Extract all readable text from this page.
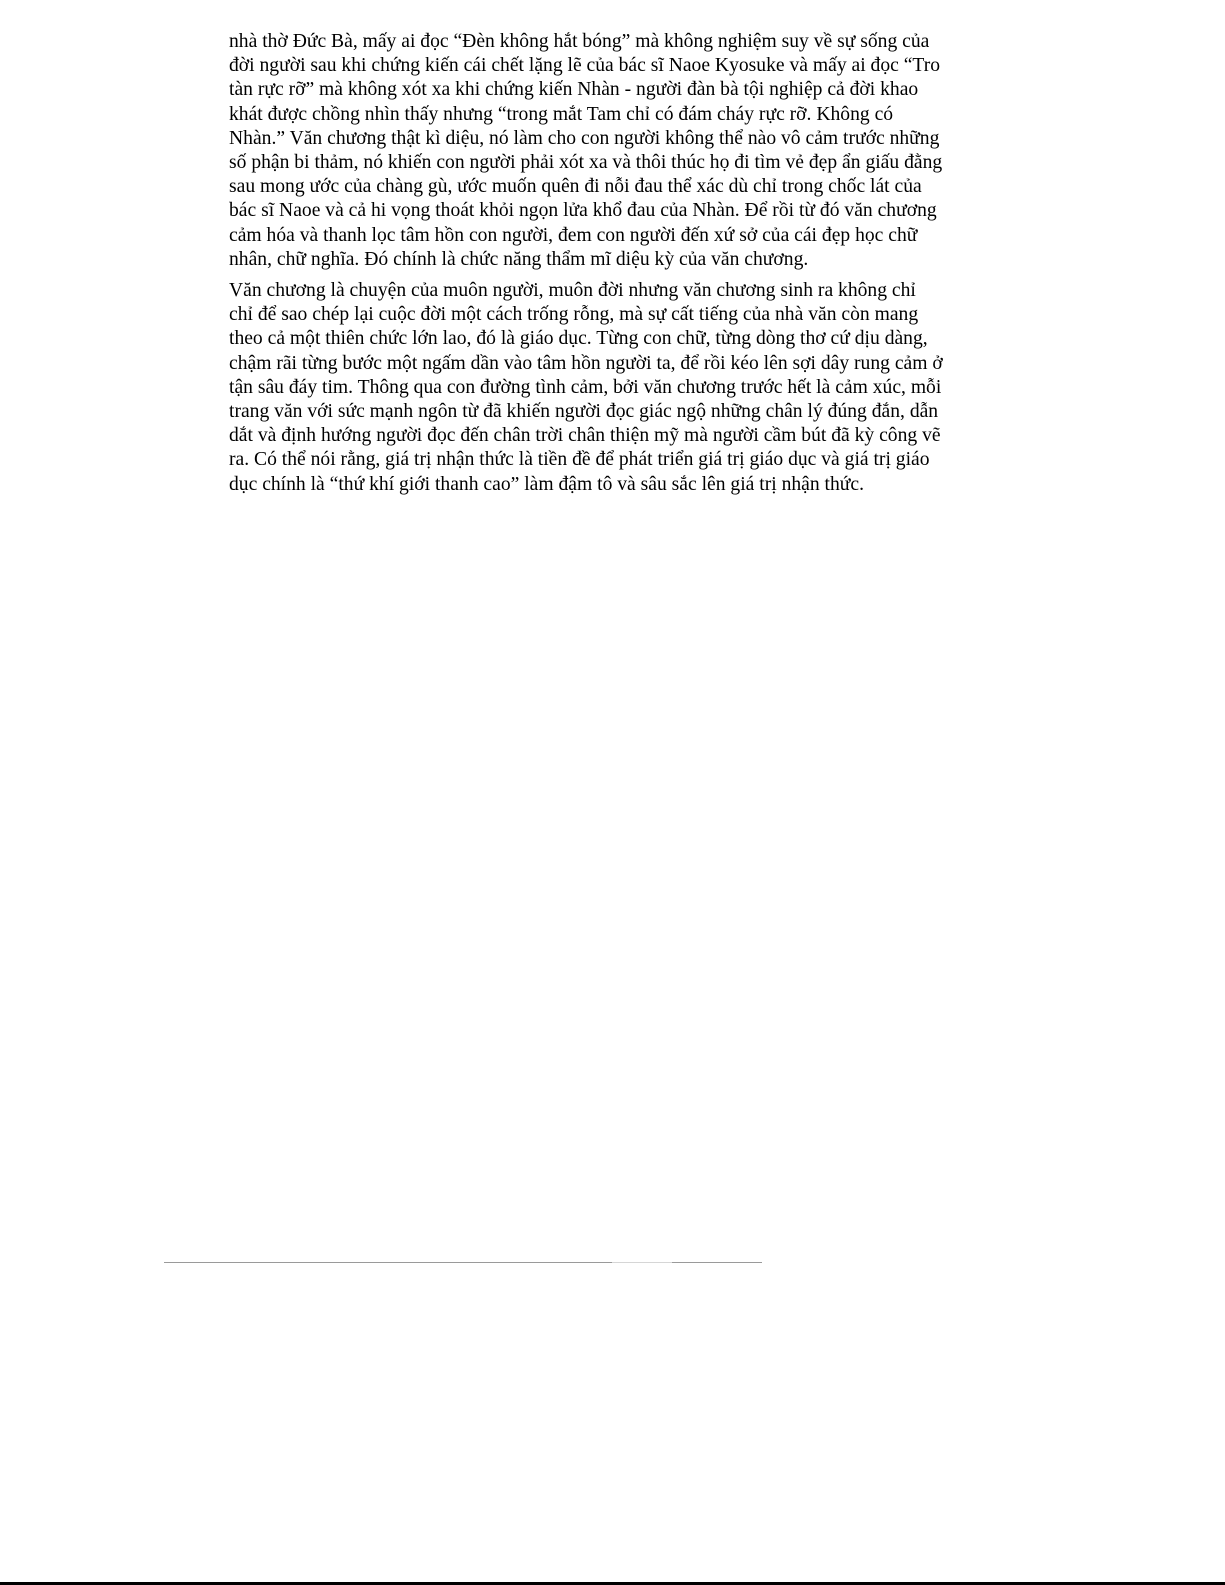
nhà thờ Đức Bà, mấy ai đọc “Đèn không hắt bóng” mà không nghiệm suy về sự sống của
đời người sau khi chứng kiến cái chết lặng lẽ của bác sĩ Naoe Kyosuke và mấy ai đọc “Tro
tàn rực rỡ” mà không xót xa khi chứng kiến Nhàn - người đàn bà tội nghiệp cả đời khao
khát được chồng nhìn thấy nhưng “trong mắt Tam chỉ có đám cháy rực rỡ. Không có
Nhàn.” Văn chương thật kì diệu, nó làm cho con người không thể nào vô cảm trước những
số phận bi thảm, nó khiến con người phải xót xa và thôi thúc họ đi tìm vẻ đẹp ẩn giấu đằng
sau mong ước của chàng gù, ước muốn quên đi nỗi đau thể xác dù chỉ trong chốc lát của
bác sĩ Naoe và cả hi vọng thoát khỏi ngọn lửa khổ đau của Nhàn. Để rồi từ đó văn chương
cảm hóa và thanh lọc tâm hồn con người, đem con người đến xứ sở của cái đẹp học chữ
nhân, chữ nghĩa. Đó chính là chức năng thẩm mĩ diệu kỳ của văn chương.

Văn chương là chuyện của muôn người, muôn đời nhưng văn chương sinh ra không chỉ
chỉ để sao chép lại cuộc đời một cách trống rỗng, mà sự cất tiếng của nhà văn còn mang
theo cả một thiên chức lớn lao, đó là giáo dục. Từng con chữ, từng dòng thơ cứ dịu dàng,
chậm rãi từng bước một ngấm dần vào tâm hồn người ta, để rồi kéo lên sợi dây rung cảm ở
tận sâu đáy tim. Thông qua con đường tình cảm, bởi văn chương trước hết là cảm xúc, mỗi
trang văn với sức mạnh ngôn từ đã khiến người đọc giác ngộ những chân lý đúng đắn, dẫn
dắt và định hướng người đọc đến chân trời chân thiện mỹ mà người cầm bút đã kỳ công vẽ
ra. Có thể nói rằng, giá trị nhận thức là tiền đề để phát triển giá trị giáo dục và giá trị giáo
dục chính là “thứ khí giới thanh cao” làm đậm tô và sâu sắc lên giá trị nhận thức.
